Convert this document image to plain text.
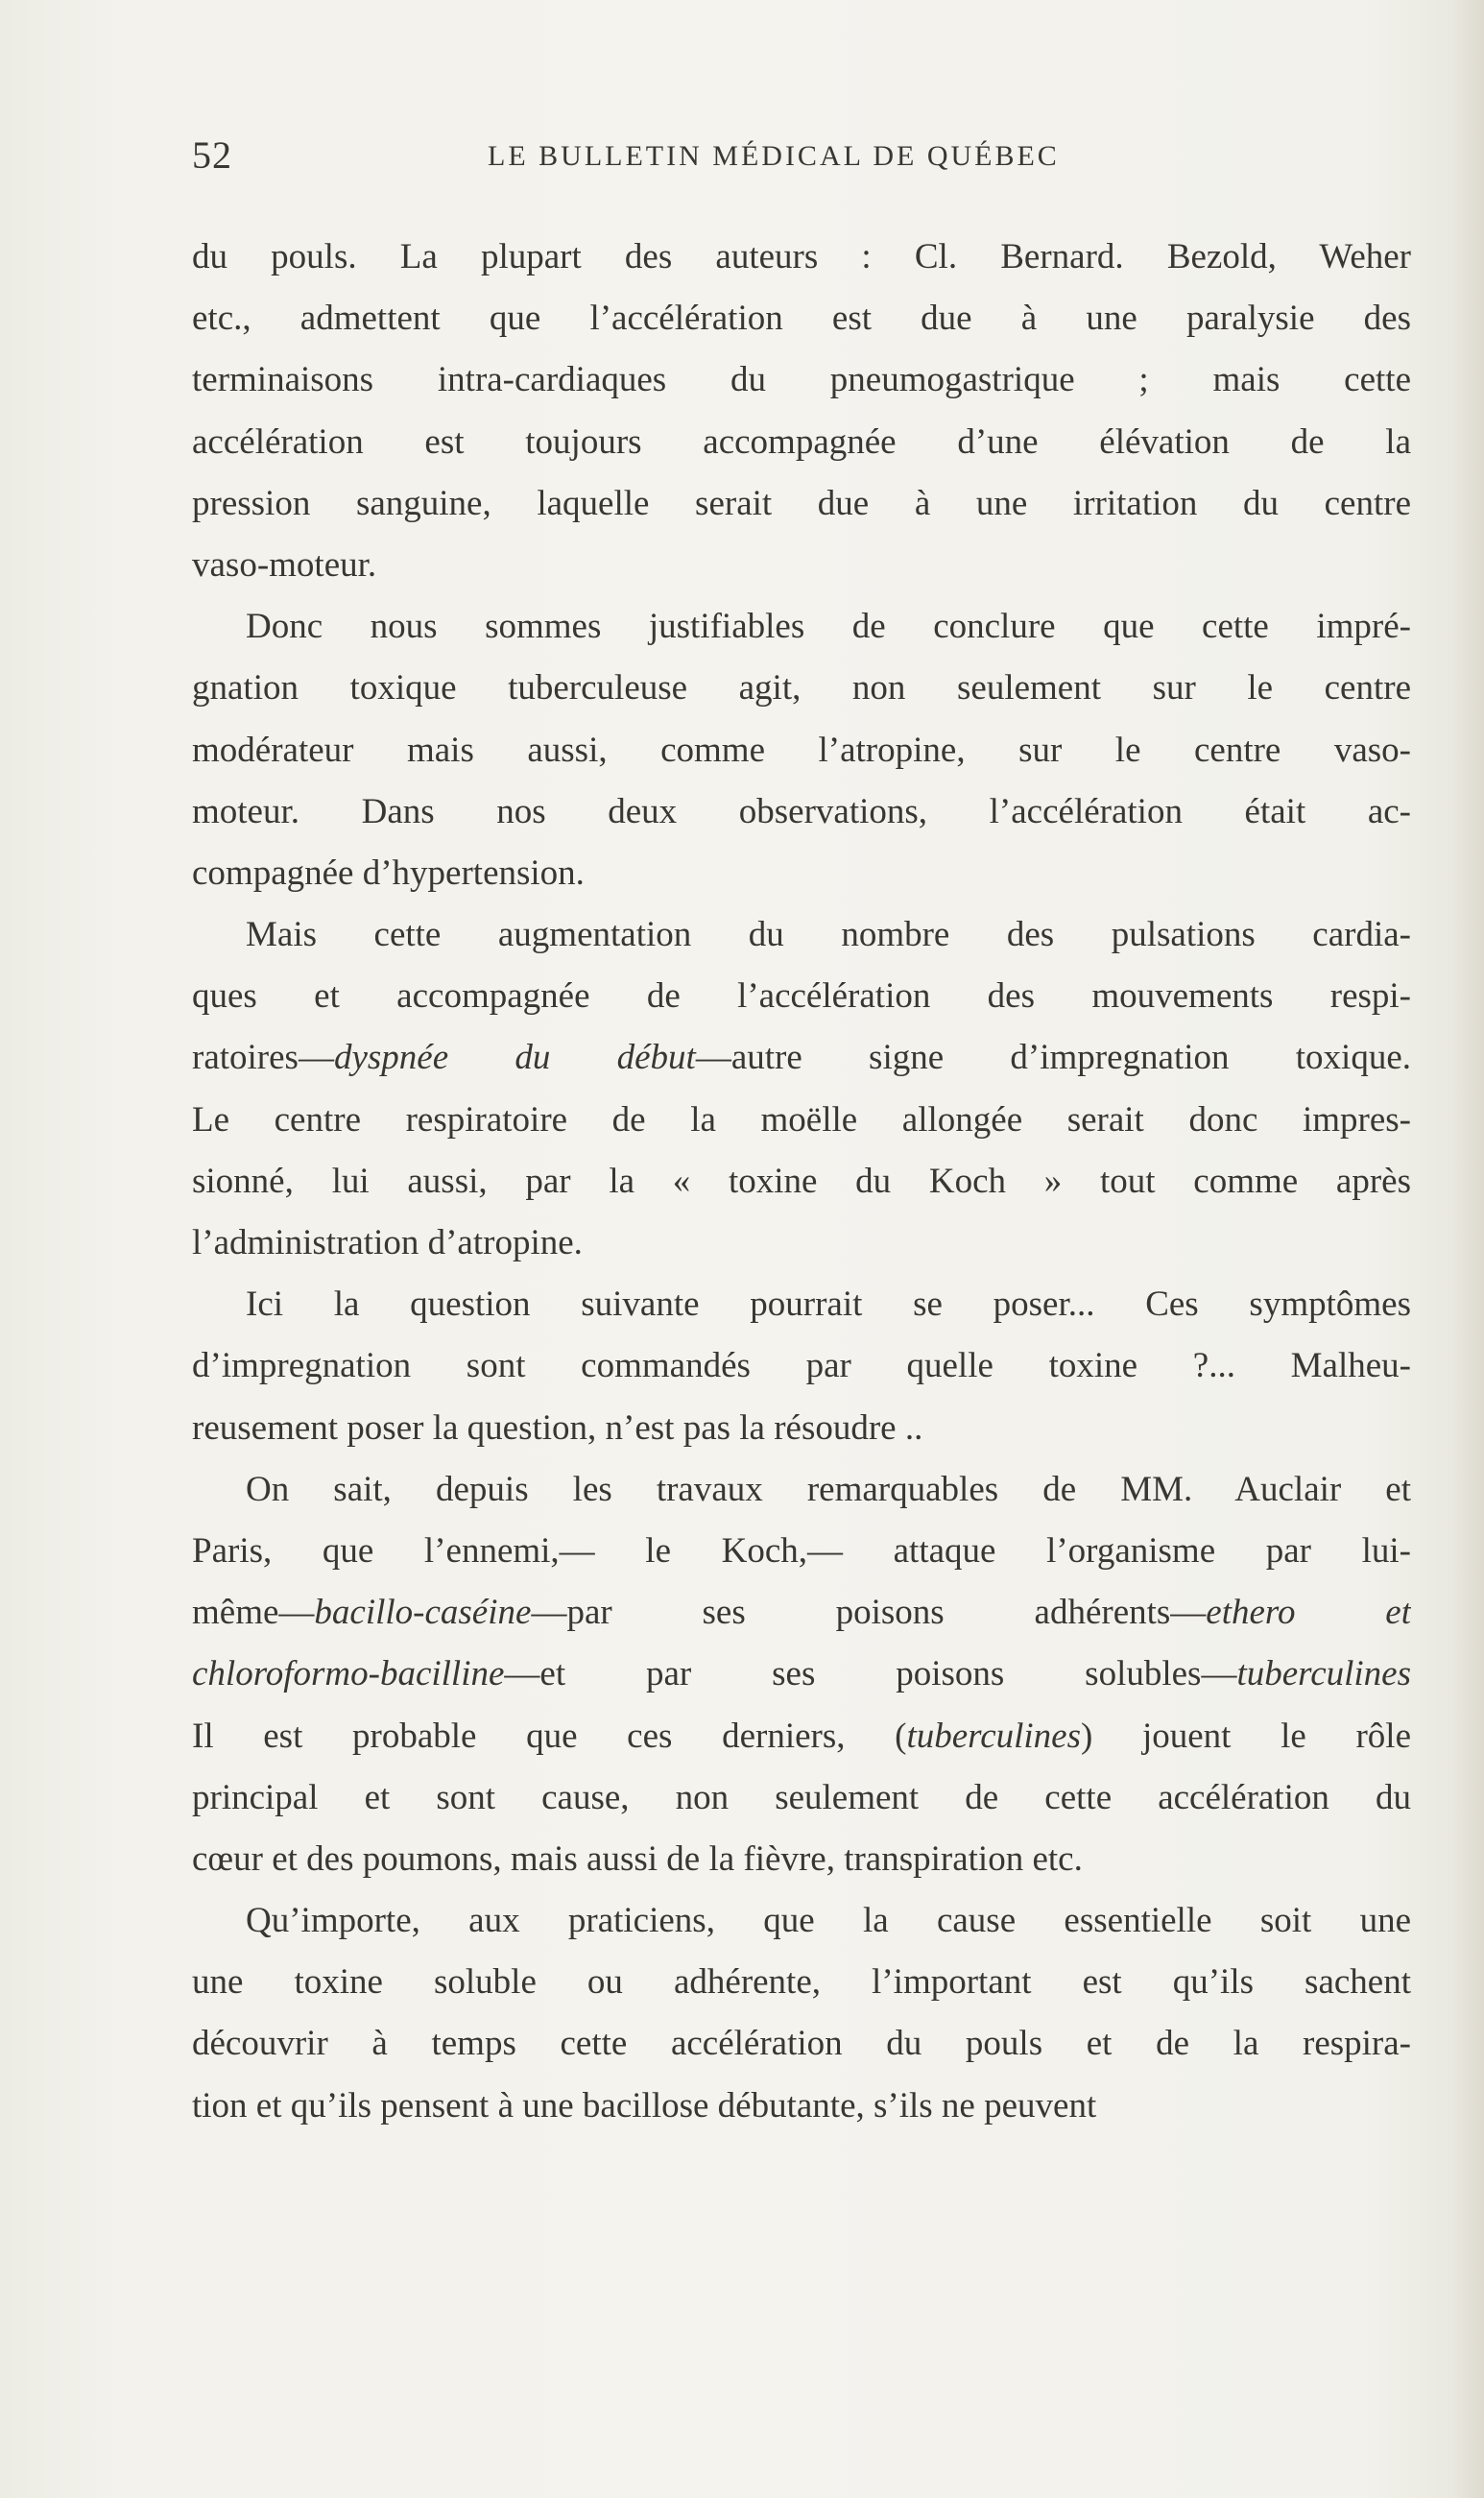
52	LE BULLETIN MÉDICAL DE QUÉBEC
du pouls. La plupart des auteurs : Cl. Bernard. Bezold, Weher
etc., admettent que l’accélération est due à une paralysie des
terminaisons intra-cardiaques du pneumogastrique ; mais cette
accélération est toujours accompagnée d’une élévation de la
pression sanguine, laquelle serait due à une irritation du centre
vaso-moteur.
Donc nous sommes justifiables de conclure que cette impré-
gnation toxique tuberculeuse agit, non seulement sur le centre
modérateur mais aussi, comme l’atropine, sur le centre vaso-
moteur. Dans nos deux observations, l’accélération était ac-
compagnée d’hypertension.
Mais cette augmentation du nombre des pulsations cardia-
ques et accompagnée de l’accélération des mouvements respi-
ratoires—dyspnée du début—autre signe d’impregnation toxique.
Le centre respiratoire de la moëlle allongée serait donc impres-
sionné, lui aussi, par la « toxine du Koch » tout comme après
l’administration d’atropine.
Ici la question suivante pourrait se poser... Ces symptômes
d’impregnation sont commandés par quelle toxine ?... Malheu-
reusement poser la question, n’est pas la résoudre ..
On sait, depuis les travaux remarquables de MM. Auclair et
Paris, que l’ennemi,— le Koch,— attaque l’organisme par lui-
même—bacillo-caséine—par ses poisons adhérents—ethero et
chloroformo-bacilline—et par ses poisons solubles—tuberculines
Il est probable que ces derniers, (tuberculines) jouent le rôle
principal et sont cause, non seulement de cette accélération du
cœur et des poumons, mais aussi de la fièvre, transpiration etc.
Qu’importe, aux praticiens, que la cause essentielle soit une
une toxine soluble ou adhérente, l’important est qu’ils sachent
découvrir à temps cette accélération du pouls et de la respira-
tion et qu’ils pensent à une bacillose débutante, s’ils ne peuvent
